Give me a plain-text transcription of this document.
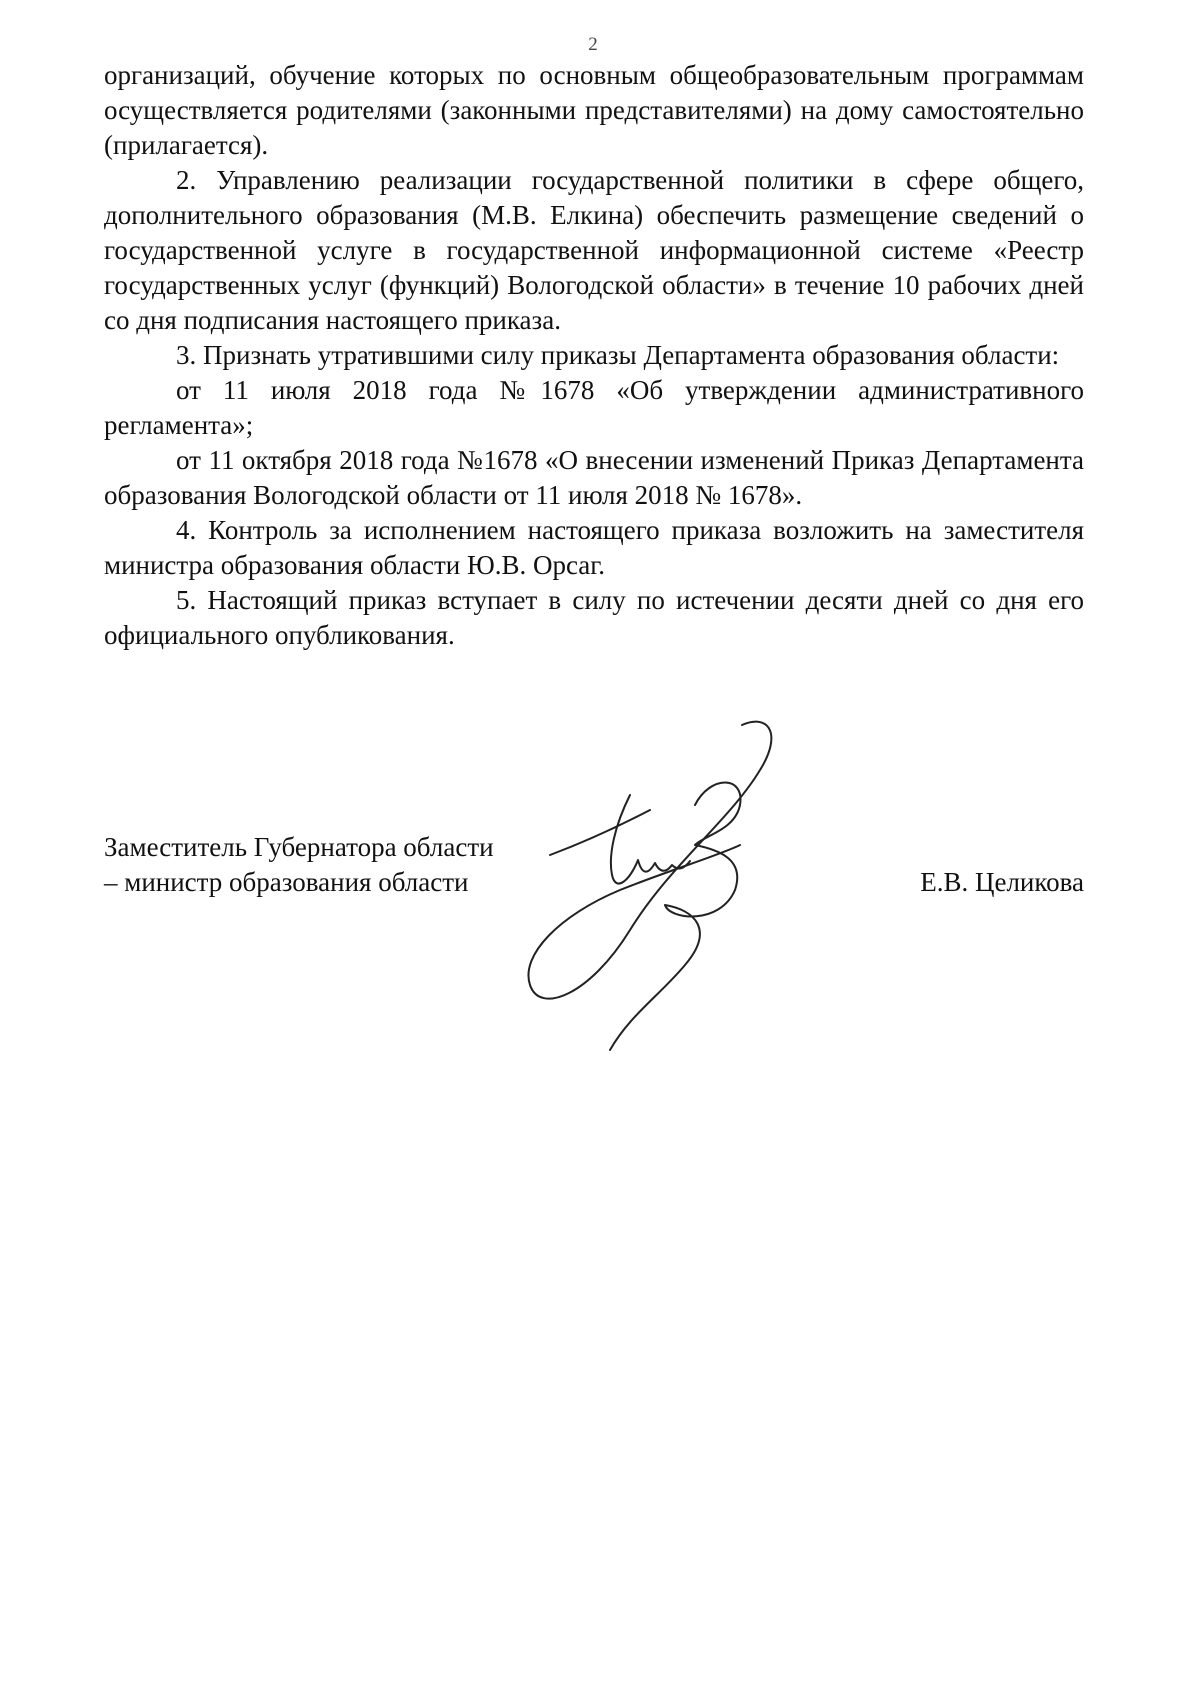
2

организаций, обучение которых по основным общеобразовательным программам осуществляется родителями (законными представителями) на дому самостоятельно (прилагается).

2. Управлению реализации государственной политики в сфере общего, дополнительного образования (М.В. Елкина) обеспечить размещение сведений о государственной услуге в государственной информационной системе «Реестр государственных услуг (функций) Вологодской области» в течение 10 рабочих дней со дня подписания настоящего приказа.

3. Признать утратившими силу приказы Департамента образования области:

от 11 июля 2018 года №1678 «Об утверждении административного регламента»;

от 11 октября 2018 года №1678 «О внесении изменений Приказ Департамента образования Вологодской области от 11 июля 2018 № 1678».

4. Контроль за исполнением настоящего приказа возложить на заместителя министра образования области Ю.В. Орсаг.

5. Настоящий приказ вступает в силу по истечении десяти дней со дня его официального опубликования.

Заместитель Губернатора области
– министр образования области	Е.В. Целикова
